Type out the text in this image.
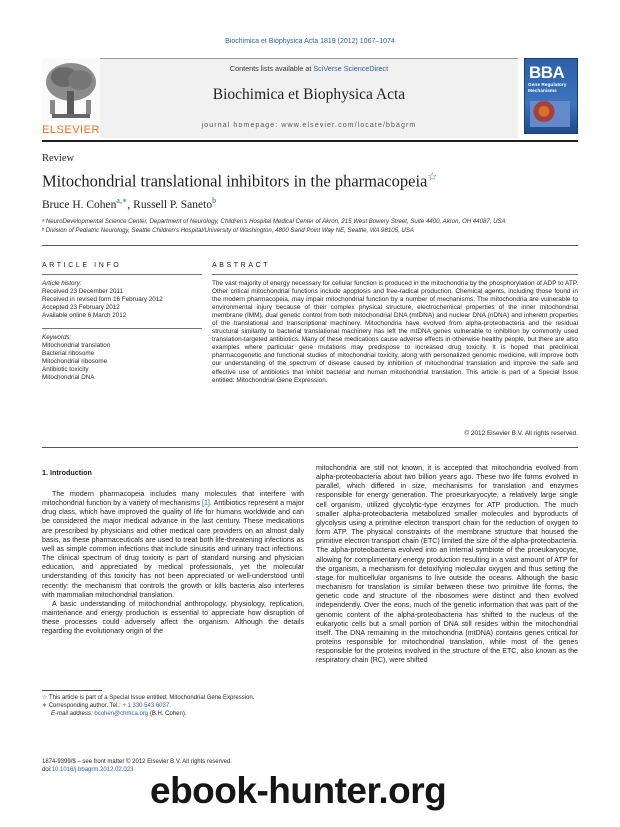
Biochimica et Biophysica Acta 1819 (2012) 1067–1074
Contents lists available at SciVerse ScienceDirect
Biochimica et Biophysica Acta
journal homepage: www.elsevier.com/locate/bbagrm
ELSEVIER
BBA
Gene Regulatory Mechanisms
Review
Mitochondrial translational inhibitors in the pharmacopeia☆
Bruce H. Cohen$^{a,∗}$, Russell P. Saneto$^b$
ᵃ NeuroDevelopmental Science Center, Department of Neurology, Children's Hospital Medical Center of Akron, 215 West Bowery Street, Suite 4400, Akron, OH 44087, USA
ᵇ Division of Pediatric Neurology, Seattle Children's Hospital/University of Washington, 4800 Sand Point Way NE, Seattle, WA 98105, USA
ARTICLE INFO	ABSTRACT
Article history:
Received 23 December 2011
Received in revised form 16 February 2012
Accepted 23 February 2012
Available online 6 March 2012
Keywords:
Mitochondrial translation
Bacterial ribosome
Mitochondrial ribosome
Antibiotic toxicity
Mitochondrial DNA
The vast majority of energy necessary for cellular function is produced in the mitochondria by the phosphorylation of ADP to ATP. Other critical mitochondrial functions include apoptosis and free-radical production. Chemical agents, including those found in the modern pharmacopeia, may impair mitochondrial function by a number of mechanisms. The mitochondria are vulnerable to environmental injury because of their complex physical structure, electrochemical properties of the inner mitochondrial membrane (IMM), dual genetic control from both mitochondrial DNA (mtDNA) and nuclear DNA (nDNA) and inherent properties of the translational and transcriptional machinery. Mitochondria have evolved from alpha-proteobacteria and the residual structural similarity to bacterial translational machinery has left the mtDNA genes vulnerable to inhibition by commonly used translation-targeted antibiotics. Many of these medications cause adverse effects in otherwise healthy people, but there are also examples where particular gene mutations may predispose to increased drug toxicity. It is hoped that preclinical pharmacogenetic and functional studies of mitochondrial toxicity, along with personalized genomic medicine, will improve both our understanding of the spectrum of disease caused by inhibition of mitochondrial translation and improve the safe and effective use of antibiotics that inhibit bacterial and human mitochondrial translation. This article is part of a Special Issue entitled: Mitochondrial Gene Expression.
© 2012 Elsevier B.V. All rights reserved.
1. Introduction

The modern pharmacopeia includes many molecules that interfere with mitochondrial function by a variety of mechanisms [1]. Antibiotics represent a major drug class, which have improved the quality of life for humans worldwide and can be considered the major medical advance in the last century. These medications are prescribed by physicians and other medical care providers on an almost daily basis, as these pharmaceuticals are used to treat both life-threatening infections as well as simple common infections that include sinusitis and urinary tract infections. The clinical spectrum of drug toxicity is part of standard nursing and physician education, and appreciated by medical professionals, yet the molecular understanding of this toxicity has not been appreciated or well-understood until recently: the mechanism that controls the growth or kills bacteria also interferes with mammalian mitochondrial translation.

A basic understanding of mitochondrial anthropology, physiology, replication, maintenance and energy production is essential to appreciate how disruption of these processes could adversely affect the organism. Although the details regarding the evolutionary origin of the

mitochondria are still not known, it is accepted that mitochondria evolved from alpha-proteobacteria about two billion years ago. These two life forms evolved in parallel, which differed in size, mechanisms for translation and enzymes responsible for energy generation. The proeurkaryocyte, a relatively large single cell organism, utilized glycolytic-type enzymes for ATP production. The much smaller alpha-proteobacteria metabolized smaller molecules and byproducts of glycolysis using a primitive electron transport chain for the reduction of oxygen to form ATP. The physical constraints of the membrane structure that housed the primitive electron transport chain (ETC) limited the size of the alpha-proteobacteria. The alpha-proteobacteria evolved into an internal symbiote of the proeukaryocyte, allowing for complimentary energy production resulting in a vast amount of ATP for the organism, a mechanism for detoxifying molecular oxygen and thus setting the stage for multicellular organisms to live outside the oceans. Although the basic mechanism for translation is similar between these two primitive life forms, the genetic code and structure of the ribosomes were distinct and then evolved independently. Over the eons, much of the genetic information that was part of the genomic content of the alpha-proteobacteria has shifted to the nucleus of the eukaryotic cells but a small portion of DNA still resides within the mitochondrial itself. The DNA remaining in the mitochondria (mtDNA) contains genes critical for proteins responsible for mitochondrial translation, while most of the genes responsible for the proteins involved in the structure of the ETC, also known as the respiratory chain (RC), were shifted

☆ This article is part of a Special Issue entitled: Mitochondrial Gene Expression.
∗ Corresponding author. Tel.: + 1 330 543 6037.
E-mail address: bcohen@chmca.org (B.H. Cohen).
1874-9399/$ – see front matter © 2012 Elsevier B.V. All rights reserved.
doi:10.1016/j.bbagrm.2012.02.023 ebook-hunter.org
